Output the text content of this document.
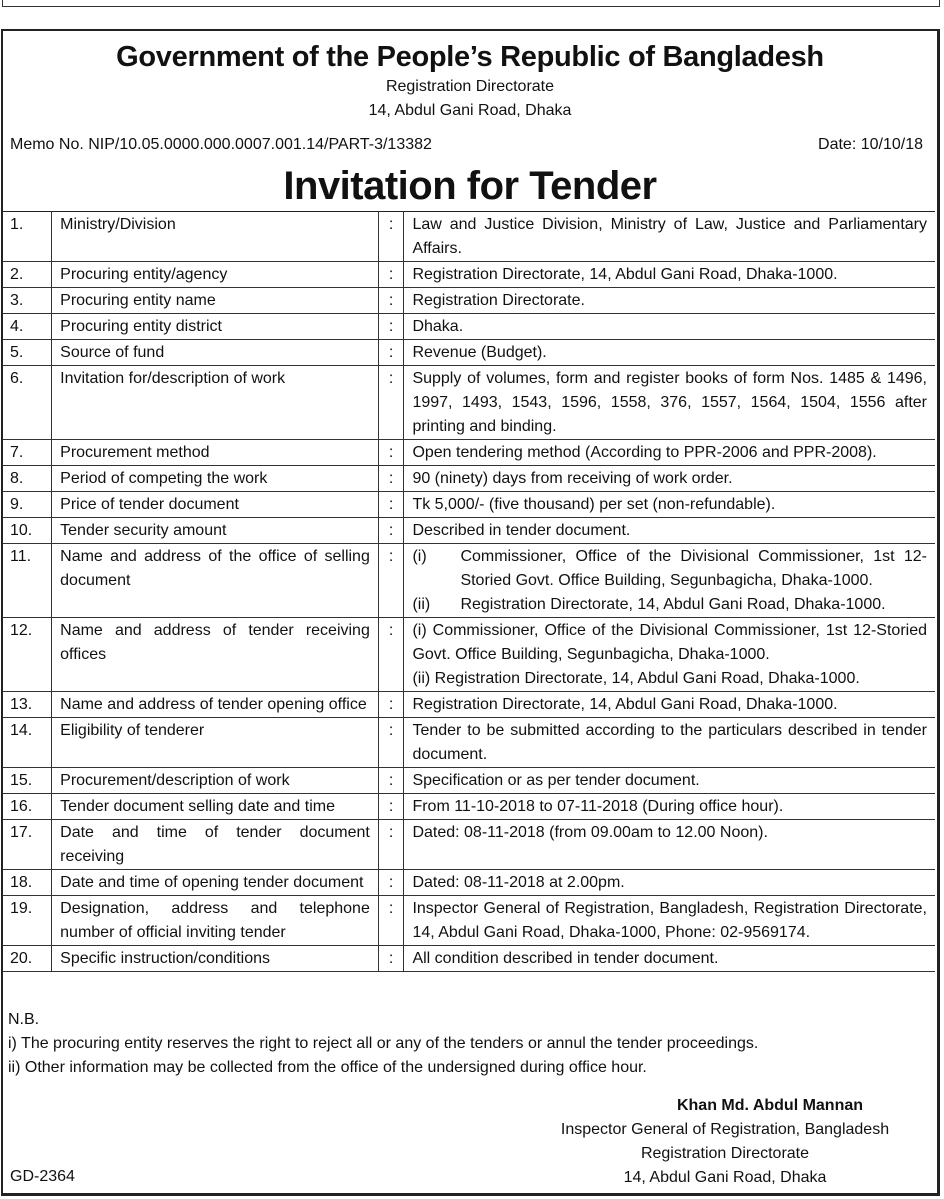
Government of the People’s Republic of Bangladesh
Registration Directorate
14, Abdul Gani Road, Dhaka
Memo No. NIP/10.05.0000.000.0007.001.14/PART-3/13382	Date: 10/10/18
Invitation for Tender
1.	Ministry/Division	:	Law and Justice Division, Ministry of Law, Justice and Parliamentary Affairs.

2.	Procuring entity/agency	:	Registration Directorate, 14, Abdul Gani Road, Dhaka-1000.

3.	Procuring entity name	:	Registration Directorate.

4.	Procuring entity district	:	Dhaka.

5.	Source of fund	:	Revenue (Budget).

6.	Invitation for/description of work	:	Supply of volumes, form and register books of form Nos. 1485 & 1496, 1997, 1493, 1543, 1596, 1558, 376, 1557, 1564, 1504, 1556 after printing and binding.

7.	Procurement method	:	Open tendering method (According to PPR-2006 and PPR-2008).

8.	Period of competing the work	:	90 (ninety) days from receiving of work order.

9.	Price of tender document	:	Tk 5,000/- (five thousand) per set (non-refundable).

10.	Tender security amount	:	Described in tender document.

11.	Name and address of the office of selling document	:	(i) Commissioner, Office of the Divisional Commissioner, 1st 12-Storied Govt. Office Building, Segunbagicha, Dhaka-1000.
(ii) Registration Directorate, 14, Abdul Gani Road, Dhaka-1000.

12.	Name and address of tender receiving offices	:	(i) Commissioner, Office of the Divisional Commissioner, 1st 12-Storied Govt. Office Building, Segunbagicha, Dhaka-1000.
(ii) Registration Directorate, 14, Abdul Gani Road, Dhaka-1000.

13.	Name and address of tender opening office	:	Registration Directorate, 14, Abdul Gani Road, Dhaka-1000.

14.	Eligibility of tenderer	:	Tender to be submitted according to the particulars described in tender document.

15.	Procurement/description of work	:	Specification or as per tender document.

16.	Tender document selling date and time	:	From 11-10-2018 to 07-11-2018 (During office hour).

17.	Date and time of tender document receiving	:	Dated: 08-11-2018 (from 09.00am to 12.00 Noon).

18.	Date and time of opening tender document	:	Dated: 08-11-2018 at 2.00pm.

19.	Designation, address and telephone number of official inviting tender	:	Inspector General of Registration, Bangladesh, Registration Directorate, 14, Abdul Gani Road, Dhaka-1000, Phone: 02-9569174.

20.	Specific instruction/conditions	:	All condition described in tender document.
N.B.
i) The procuring entity reserves the right to reject all or any of the tenders or annul the tender proceedings.
ii) Other information may be collected from the office of the undersigned during office hour.
Khan Md. Abdul Mannan
Inspector General of Registration, Bangladesh
Registration Directorate
14, Abdul Gani Road, Dhaka
GD-2364
